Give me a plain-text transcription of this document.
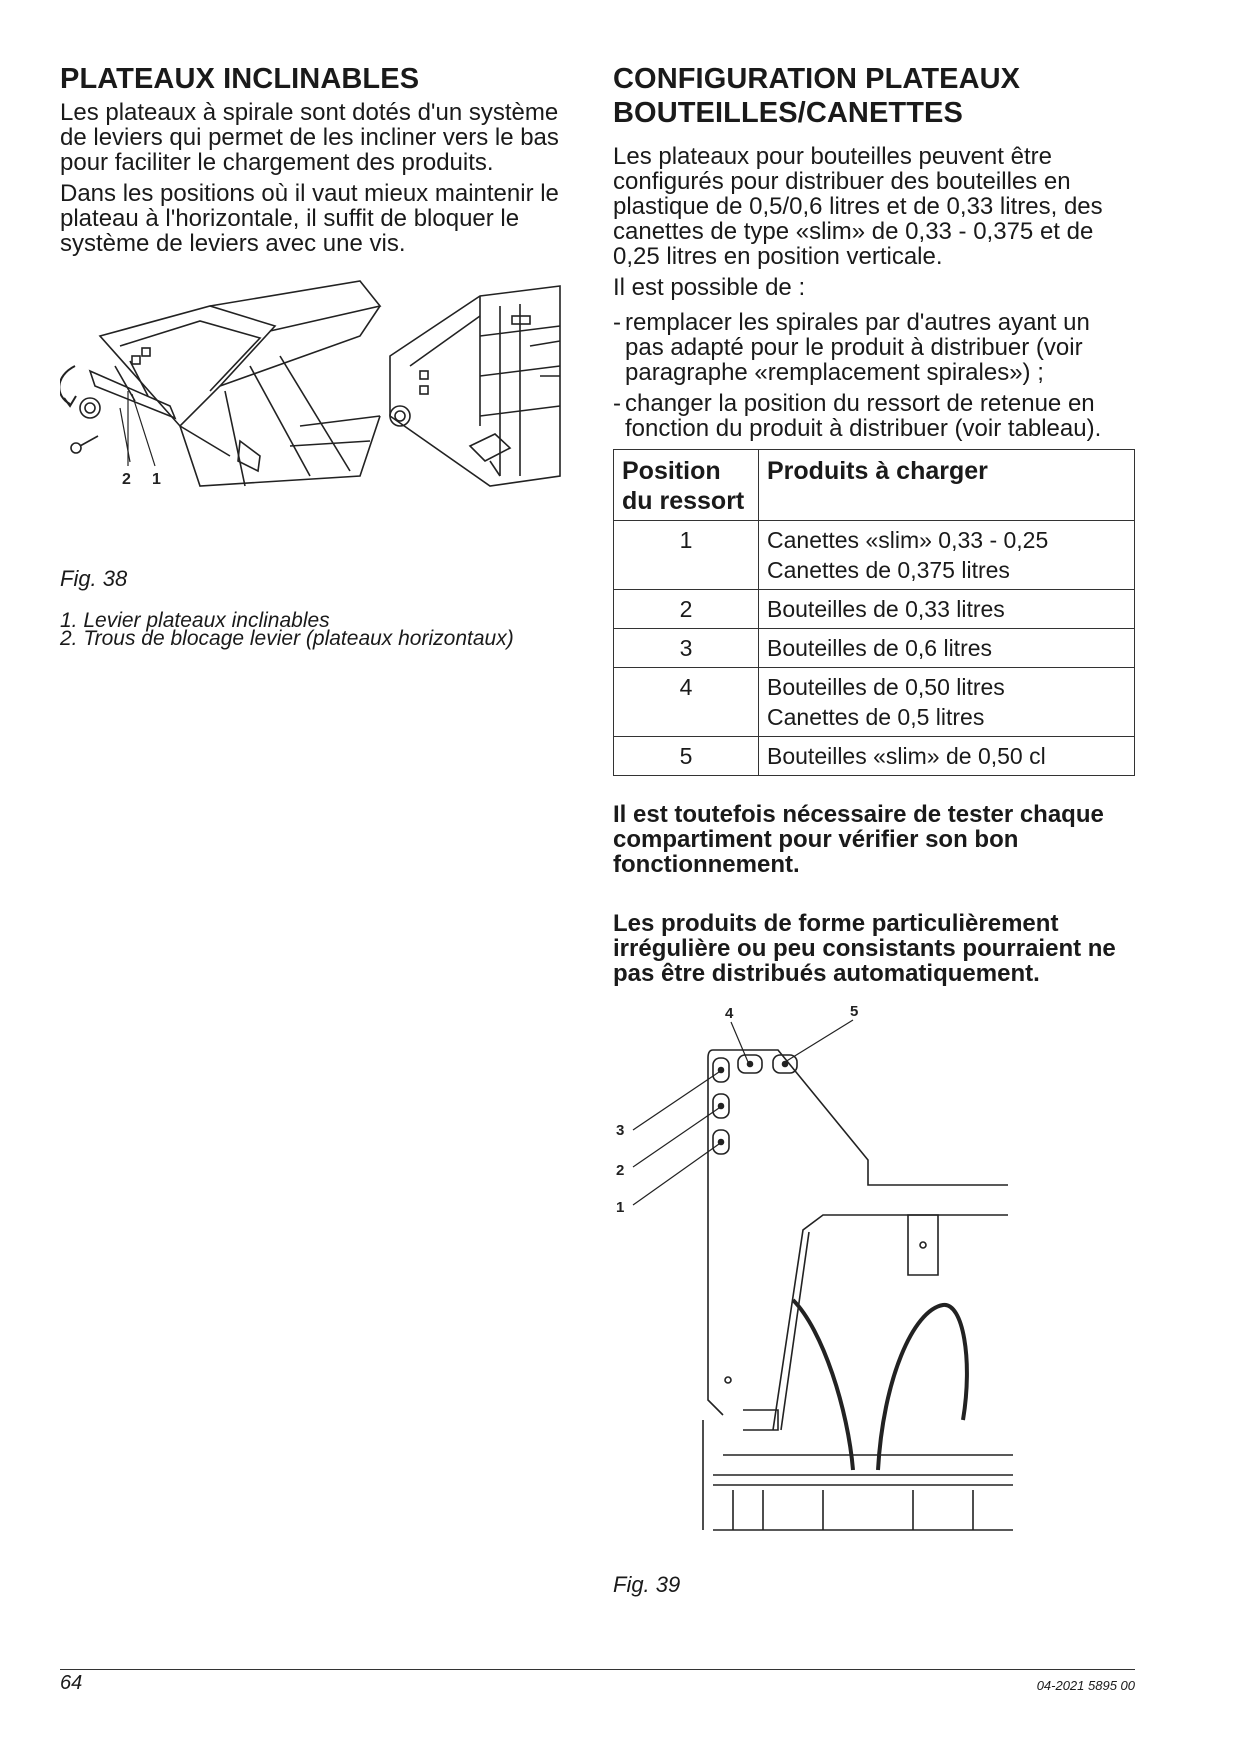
PLATEAUX INCLINABLES

Les plateaux à spirale sont dotés d'un système de leviers qui permet de les incliner vers le bas pour faciliter le chargement des produits.

Dans les positions où il vaut mieux maintenir le plateau à l'horizontale, il suffit de bloquer le système de leviers avec une vis.

2 1

Fig. 38

1. Levier plateaux inclinables
2. Trous de blocage levier (plateaux horizontaux)
CONFIGURATION PLATEAUX
BOUTEILLES/CANETTES

Les plateaux pour bouteilles peuvent être configurés pour distribuer des bouteilles en plastique de 0,5/0,6 litres et de 0,33 litres, des canettes de type «slim» de 0,33 - 0,375 et de 0,25 litres en position verticale.

Il est possible de :

- remplacer les spirales par d'autres ayant un pas adapté pour le produit à distribuer (voir paragraphe «remplacement spirales») ;
- changer la position du ressort de retenue en fonction du produit à distribuer (voir tableau).
Position du ressort	Produits à charger
1	Canettes «slim» 0,33 - 0,25
Canettes de 0,375 litres

2	Bouteilles de 0,33 litres
3	Bouteilles de 0,6 litres
4	Bouteilles de 0,50 litres
Canettes de 0,5 litres

5	Bouteilles «slim» de 0,50 cl

Il est toutefois nécessaire de tester chaque compartiment pour vérifier son bon fonctionnement.

Les produits de forme particulièrement irrégulière ou peu consistants pourraient ne pas être distribués automatiquement.

4	5
3
2
1

Fig. 39

64	04-2021 5895 00
